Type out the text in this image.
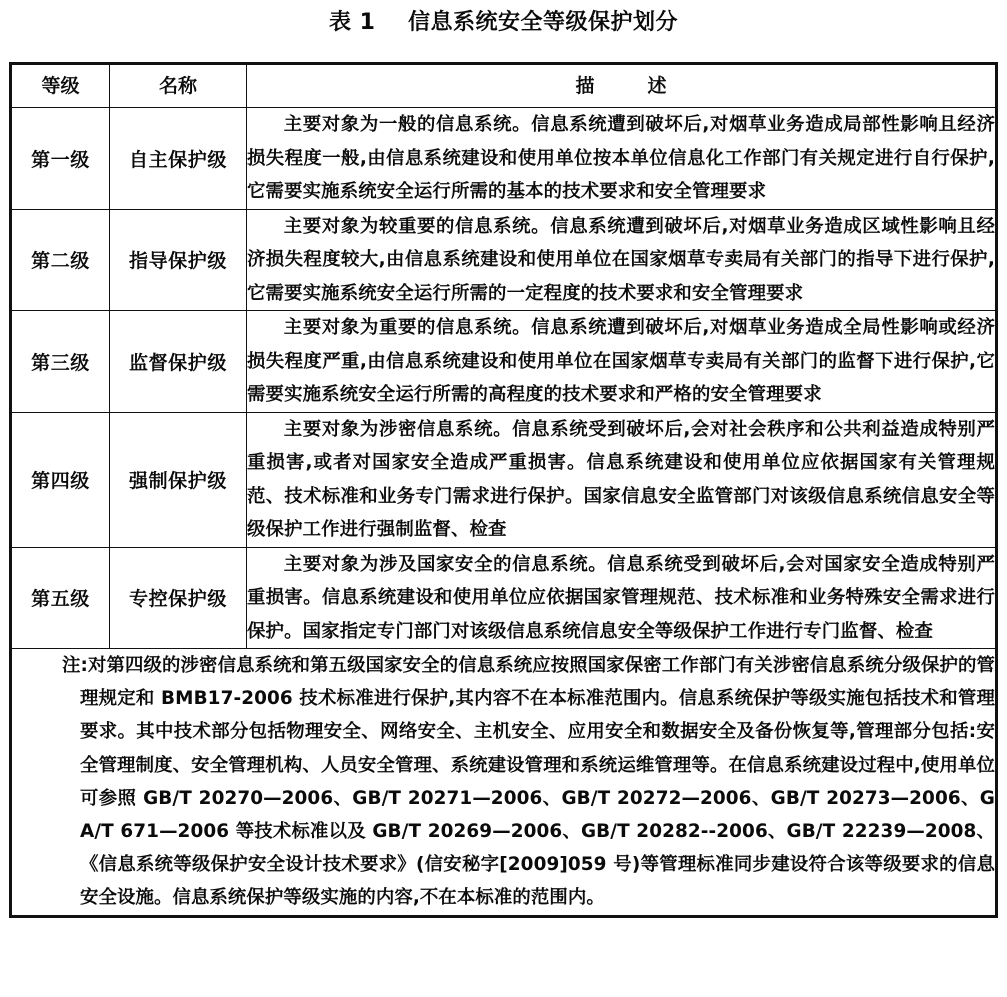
表 1    信息系统安全等级保护划分
等级	名称	描        述
第一级	自主保护级	主要对象为一般的信息系统。信息系统遭到破坏后,对烟草业务造成局部性影响且经济损失程度一般,由信息系统建设和使用单位按本单位信息化工作部门有关规定进行自行保护,它需要实施系统安全运行所需的基本的技术要求和安全管理要求
第二级	指导保护级	主要对象为较重要的信息系统。信息系统遭到破坏后,对烟草业务造成区域性影响且经济损失程度较大,由信息系统建设和使用单位在国家烟草专卖局有关部门的指导下进行保护,它需要实施系统安全运行所需的一定程度的技术要求和安全管理要求
第三级	监督保护级	主要对象为重要的信息系统。信息系统遭到破坏后,对烟草业务造成全局性影响或经济损失程度严重,由信息系统建设和使用单位在国家烟草专卖局有关部门的监督下进行保护,它需要实施系统安全运行所需的高程度的技术要求和严格的安全管理要求
第四级	强制保护级	主要对象为涉密信息系统。信息系统受到破坏后,会对社会秩序和公共利益造成特别严重损害,或者对国家安全造成严重损害。信息系统建设和使用单位应依据国家有关管理规范、技术标准和业务专门需求进行保护。国家信息安全监管部门对该级信息系统信息安全等级保护工作进行强制监督、检查
第五级	专控保护级	主要对象为涉及国家安全的信息系统。信息系统受到破坏后,会对国家安全造成特别严重损害。信息系统建设和使用单位应依据国家管理规范、技术标准和业务特殊安全需求进行保护。国家指定专门部门对该级信息系统信息安全等级保护工作进行专门监督、检查

注:对第四级的涉密信息系统和第五级国家安全的信息系统应按照国家保密工作部门有关涉密信息系统分级保护的管理规定和 BMB17-2006 技术标准进行保护,其内容不在本标准范围内。信息系统保护等级实施包括技术和管理要求。其中技术部分包括物理安全、网络安全、主机安全、应用安全和数据安全及备份恢复等,管理部分包括:安全管理制度、安全管理机构、人员安全管理、系统建设管理和系统运维管理等。在信息系统建设过程中,使用单位可参照 GB/T 20270—2006、GB/T 20271—2006、GB/T 20272—2006、GB/T 20273—2006、GA/T 671—2006 等技术标准以及 GB/T 20269—2006、GB/T 20282--2006、GB/T 22239—2008、《信息系统等级保护安全设计技术要求》(信安秘字[2009]059 号)等管理标准同步建设符合该等级要求的信息安全设施。信息系统保护等级实施的内容,不在本标准的范围内。		
